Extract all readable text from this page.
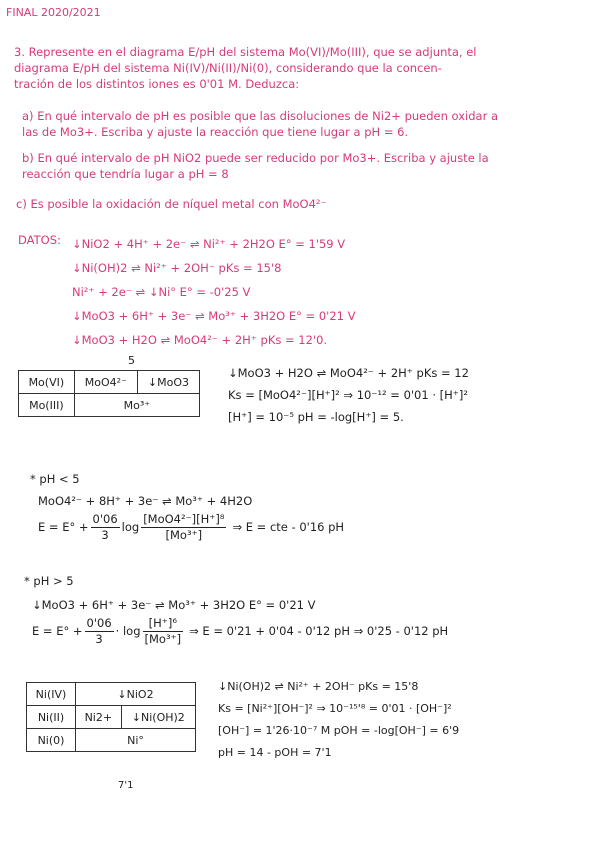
FINAL 2020/2021
3. Represente en el diagrama E/pH del sistema Mo(VI)/Mo(III), que se adjunta, el
diagrama E/pH del sistema Ni(IV)/Ni(II)/Ni(0), considerando que la concen-
tración de los distintos iones es 0'01 M. Deduzca:
a) En qué intervalo de pH es posible que las disoluciones de Ni2+ pueden oxidar a
las de Mo3+. Escriba y ajuste la reacción que tiene lugar a pH = 6.
b) En qué intervalo de pH NiO2 puede ser reducido por Mo3+. Escriba y ajuste la
reacción que tendría lugar a pH = 8
c) Es posible la oxidación de níquel metal con MoO4²⁻
DATOS: ↓NiO2 + 4H⁺ + 2e⁻ ⇌ Ni²⁺ + 2H2O E° = 1'59 V
↓Ni(OH)2 ⇌ Ni²⁺ + 2OH⁻ pKs = 15'8
Ni²⁺ + 2e⁻ ⇌ ↓Ni° E° = -0'25 V
↓MoO3 + 6H⁺ + 3e⁻ ⇌ Mo³⁺ + 3H2O E° = 0'21 V
↓MoO3 + H2O ⇌ MoO4²⁻ + 2H⁺ pKs = 12'0.
5
Mo(VI)	MoO4²⁻	↓MoO3
Mo(III)	Mo³⁺	
↓MoO3 + H2O ⇌ MoO4²⁻ + 2H⁺ pKs = 12
Ks = [MoO4²⁻][H⁺]² ⇒ 10⁻¹² = 0'01 · [H⁺]²
[H⁺] = 10⁻⁵ pH = -log[H⁺] = 5.
* pH < 5
MoO4²⁻ + 8H⁺ + 3e⁻ ⇌ Mo³⁺ + 4H2O
$E = E^\circ + \frac{0'06}{3}$ $\log \frac{\text{[MoO4²⁻][H⁺]⁸}}{\text{[Mo³⁺]}}$ ⇒ E = cte - 0'16 pH
* pH > 5
↓MoO3 + 6H⁺ + 3e⁻ ⇌ Mo³⁺ + 3H2O E° = 0'21 V
$E = E^\circ + \frac{0'06}{3} \cdot \log \frac{\text{[H⁺]⁶}}{\text{[Mo³⁺]}}$ ⇒ E = 0'21 + 0'04 - 0'12 pH ⇒ 0'25 - 0'12 pH
Ni(IV)	↓NiO2	
Ni(II)	Ni2+	↓Ni(OH)2
Ni(0)	Ni°	
7'1
↓Ni(OH)2 ⇌ Ni²⁺ + 2OH⁻ pKs = 15'8
Ks = [Ni²⁺][OH⁻]² ⇒ 10⁻¹⁵'⁸ = 0'01 · [OH⁻]²
[OH⁻] = 1'26·10⁻⁷ M pOH = -log[OH⁻] = 6'9
pH = 14 - pOH = 7'1
